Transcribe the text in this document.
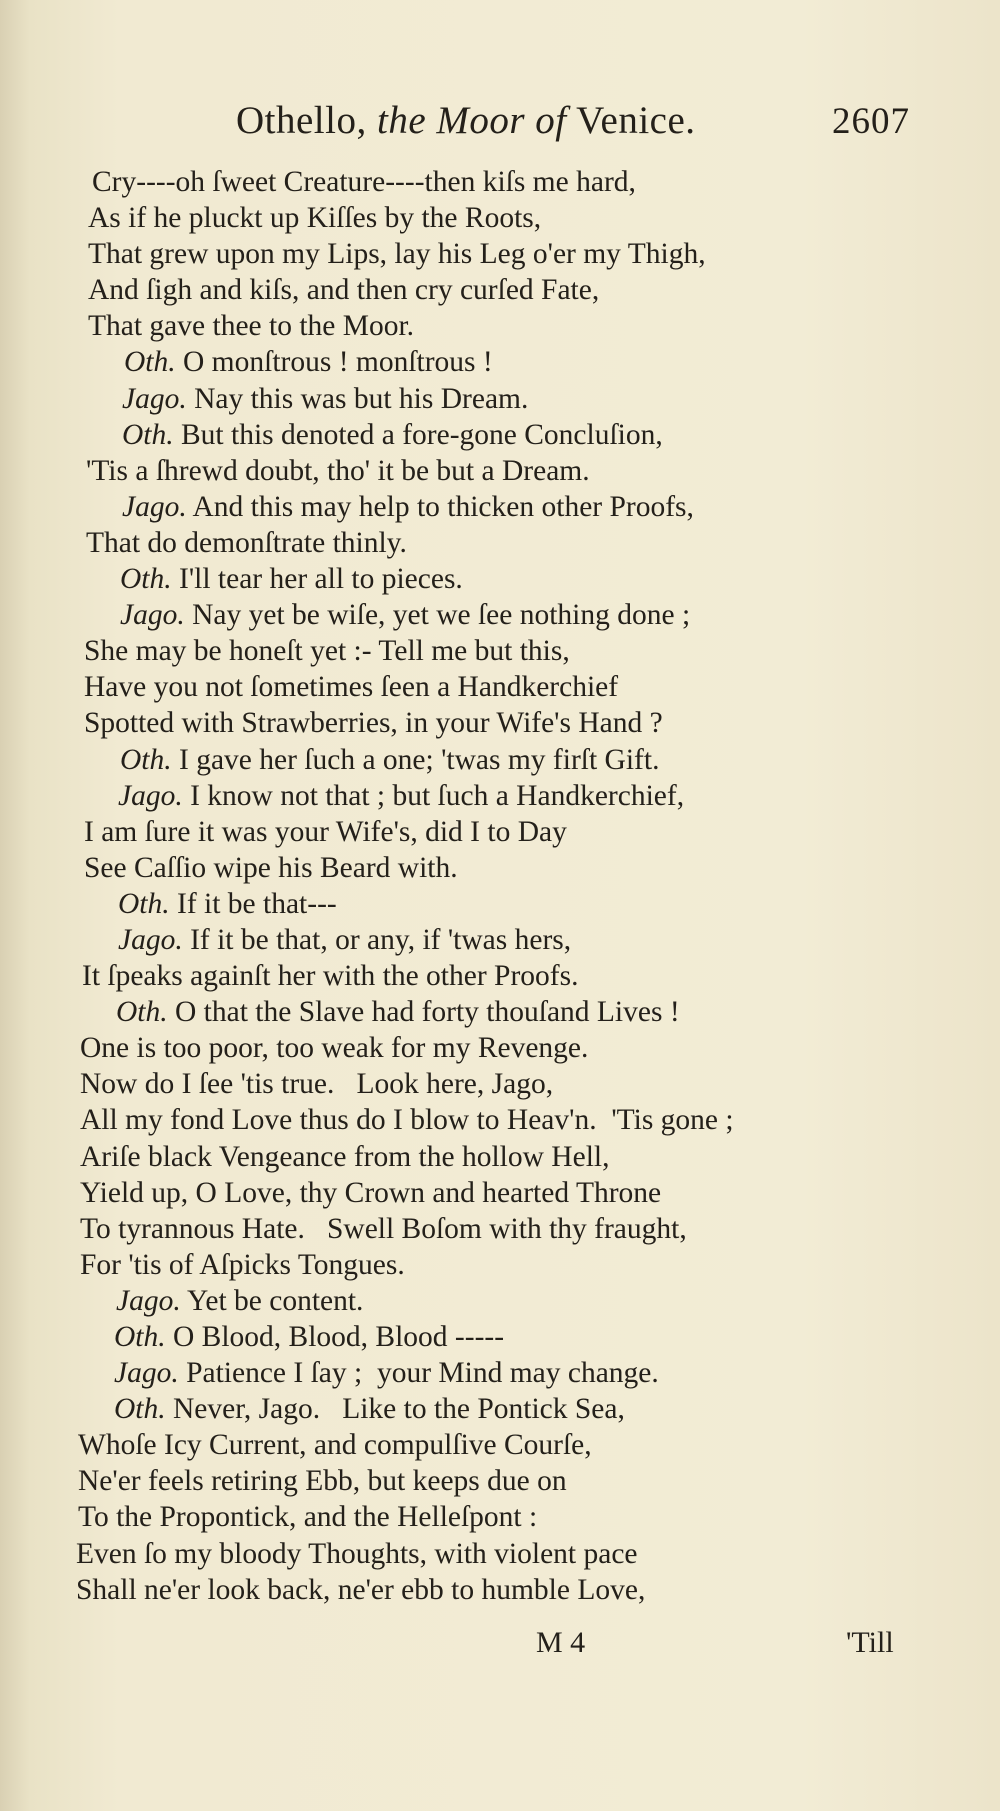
Othello, the Moor of Venice.	2607
Cry----oh ſweet Creature----then kiſs me hard,
As if he pluckt up Kiſſes by the Roots,
That grew upon my Lips, lay his Leg o'er my Thigh,
And ſigh and kiſs, and then cry curſed Fate,
That gave thee to the Moor.
Oth. O monſtrous ! monſtrous !
Jago. Nay this was but his Dream.
Oth. But this denoted a fore-gone Concluſion,
'Tis a ſhrewd doubt, tho' it be but a Dream.
Jago. And this may help to thicken other Proofs,
That do demonſtrate thinly.
Oth. I'll tear her all to pieces.
Jago. Nay yet be wiſe, yet we ſee nothing done ;
She may be honeſt yet :- Tell me but this,
Have you not ſometimes ſeen a Handkerchief
Spotted with Strawberries, in your Wife's Hand ?
Oth. I gave her ſuch a one; 'twas my firſt Gift.
Jago. I know not that ; but ſuch a Handkerchief,
I am ſure it was your Wife's, did I to Day
See Caſſio wipe his Beard with.
Oth. If it be that---
Jago. If it be that, or any, if 'twas hers,
It ſpeaks againſt her with the other Proofs.
Oth. O that the Slave had forty thouſand Lives !
One is too poor, too weak for my Revenge.
Now do I ſee 'tis true.   Look here, Jago,
All my fond Love thus do I blow to Heav'n.  'Tis gone ;
Ariſe black Vengeance from the hollow Hell,
Yield up, O Love, thy Crown and hearted Throne
To tyrannous Hate.   Swell Boſom with thy fraught,
For 'tis of Aſpicks Tongues.
Jago. Yet be content.
Oth. O Blood, Blood, Blood -----
Jago. Patience I ſay ;  your Mind may change.
Oth. Never, Jago.   Like to the Pontick Sea,
Whoſe Icy Current, and compulſive Courſe,
Ne'er feels retiring Ebb, but keeps due on
To the Propontick, and the Helleſpont :
Even ſo my bloody Thoughts, with violent pace
Shall ne'er look back, ne'er ebb to humble Love,
M 4	'Till
